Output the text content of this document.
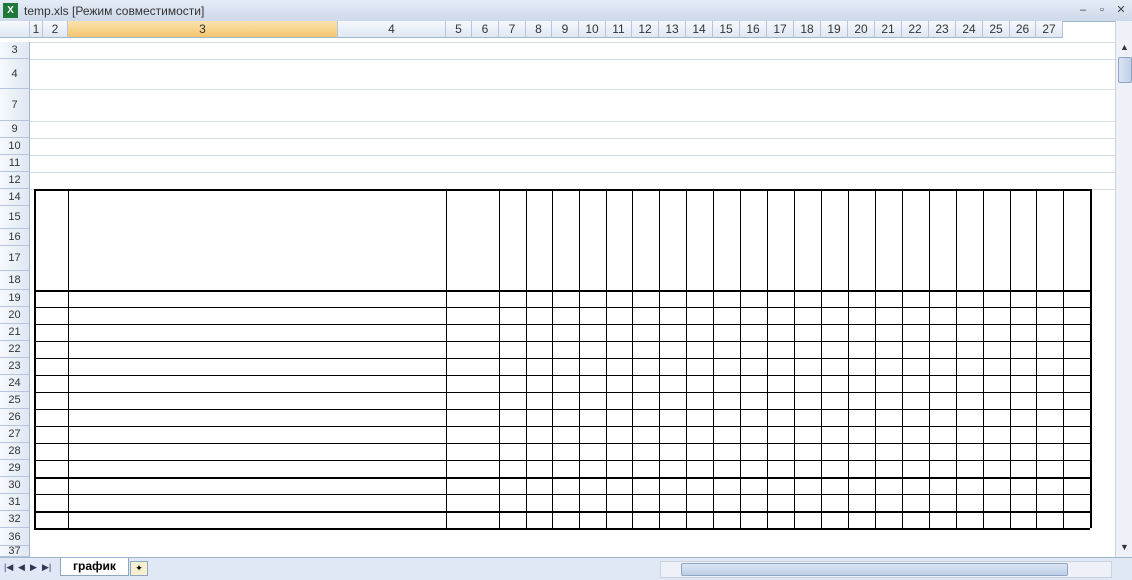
X temp.xls [Режим совместимости]	–	▫	✕
1	2	3	4	5	6	7	8	9	10	11	12	13	14	15	16	17	18	19	20	21	22	23	24	25	26	27
3
4
7
9
10
11
12
14
15
16
17
18
19
20
21
22
23
24
25
26
27
28
29
30
31
32
36
37
▲
▼
|◀ ◀ ▶ ▶|	график	✦
